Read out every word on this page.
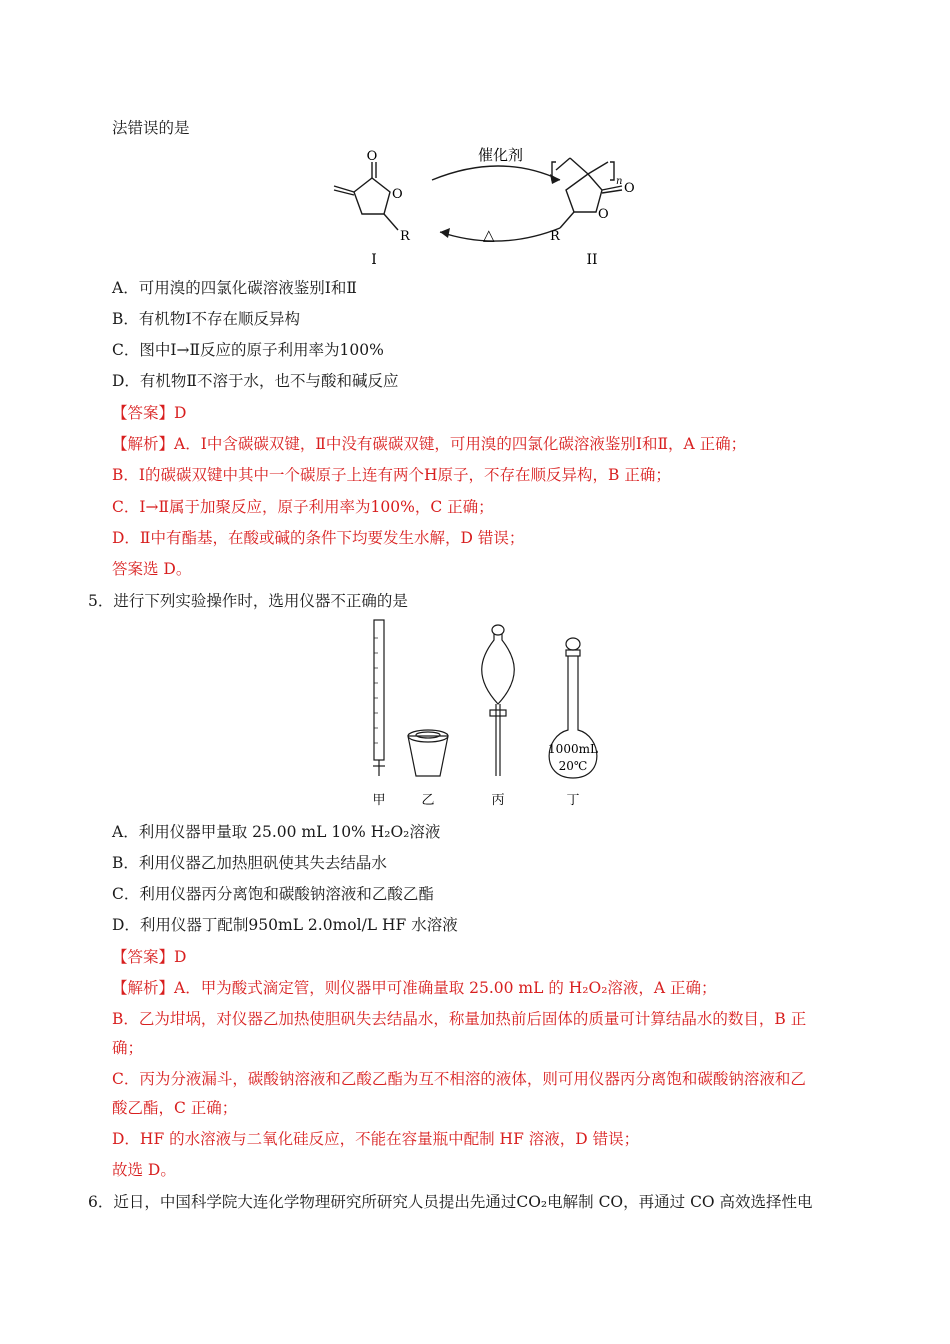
法错误的是
O
O
R
O
O
R
n
催化剂
△
I	II
A．可用溴的四氯化碳溶液鉴别Ⅰ和Ⅱ
B．有机物Ⅰ不存在顺反异构
C．图中Ⅰ→Ⅱ反应的原子利用率为100%
D．有机物Ⅱ不溶于水，也不与酸和碱反应
【答案】D
【解析】A．Ⅰ中含碳碳双键，Ⅱ中没有碳碳双键，可用溴的四氯化碳溶液鉴别Ⅰ和Ⅱ，A 正确；
B．Ⅰ的碳碳双键中其中一个碳原子上连有两个H原子，不存在顺反异构，B 正确；
C．Ⅰ→Ⅱ属于加聚反应，原子利用率为100%，C 正确；
D．Ⅱ中有酯基，在酸或碱的条件下均要发生水解，D 错误；
答案选 D。
5．进行下列实验操作时，选用仪器不正确的是
1000mL
20℃
甲	乙	丙	丁
A．利用仪器甲量取 25.00 mL 10% H₂O₂溶液
B．利用仪器乙加热胆矾使其失去结晶水
C．利用仪器丙分离饱和碳酸钠溶液和乙酸乙酯
D．利用仪器丁配制950mL 2.0mol/L HF 水溶液
【答案】D
【解析】A．甲为酸式滴定管，则仪器甲可准确量取 25.00 mL 的 H₂O₂溶液，A 正确；
B．乙为坩埚，对仪器乙加热使胆矾失去结晶水，称量加热前后固体的质量可计算结晶水的数目，B 正
确；
C．丙为分液漏斗，碳酸钠溶液和乙酸乙酯为互不相溶的液体，则可用仪器丙分离饱和碳酸钠溶液和乙
酸乙酯，C 正确；
D．HF 的水溶液与二氧化硅反应，不能在容量瓶中配制 HF 溶液，D 错误；
故选 D。
6．近日，中国科学院大连化学物理研究所研究人员提出先通过CO₂电解制 CO，再通过 CO 高效选择性电
